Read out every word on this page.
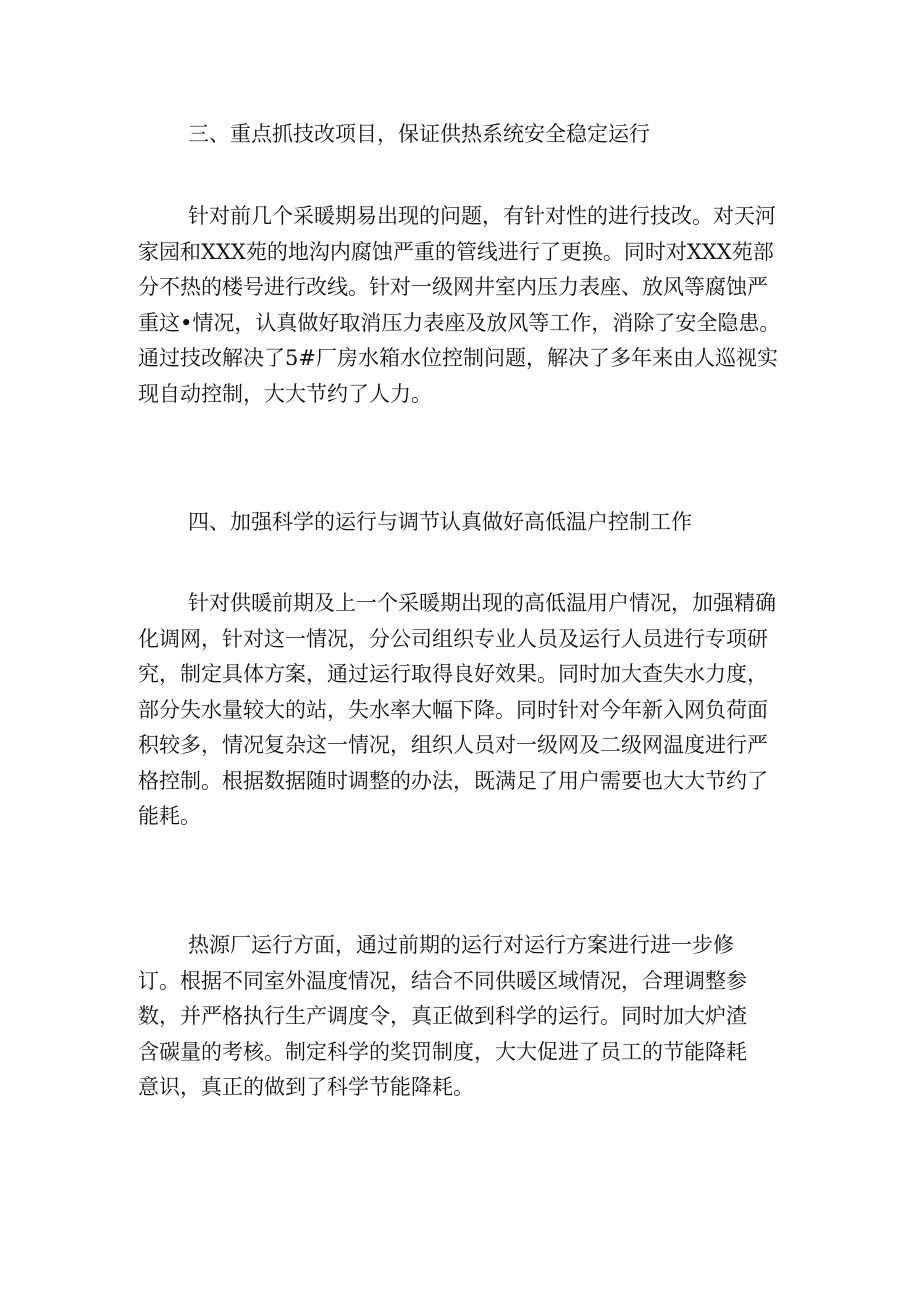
三、重点抓技改项目，保证供热系统安全稳定运行
针对前几个采暖期易出现的问题，有针对性的进行技改。对天河
家园和XXX苑的地沟内腐蚀严重的管线进行了更换。同时对XXX苑部
分不热的楼号进行改线。针对一级网井室内压力表座、放风等腐蚀严
重这•情况，认真做好取消压力表座及放风等工作，消除了安全隐患。
通过技改解决了5#厂房水箱水位控制问题，解决了多年来由人巡视实
现自动控制，大大节约了人力。
四、加强科学的运行与调节认真做好高低温户控制工作
针对供暖前期及上一个采暖期出现的高低温用户情况，加强精确
化调网，针对这一情况，分公司组织专业人员及运行人员进行专项研
究，制定具体方案，通过运行取得良好效果。同时加大查失水力度，
部分失水量较大的站，失水率大幅下降。同时针对今年新入网负荷面
积较多，情况复杂这一情况，组织人员对一级网及二级网温度进行严
格控制。根据数据随时调整的办法，既满足了用户需要也大大节约了
能耗。
热源厂运行方面，通过前期的运行对运行方案进行进一步修
订。根据不同室外温度情况，结合不同供暖区域情况，合理调整参
数，并严格执行生产调度令，真正做到科学的运行。同时加大炉渣
含碳量的考核。制定科学的奖罚制度，大大促进了员工的节能降耗
意识，真正的做到了科学节能降耗。
